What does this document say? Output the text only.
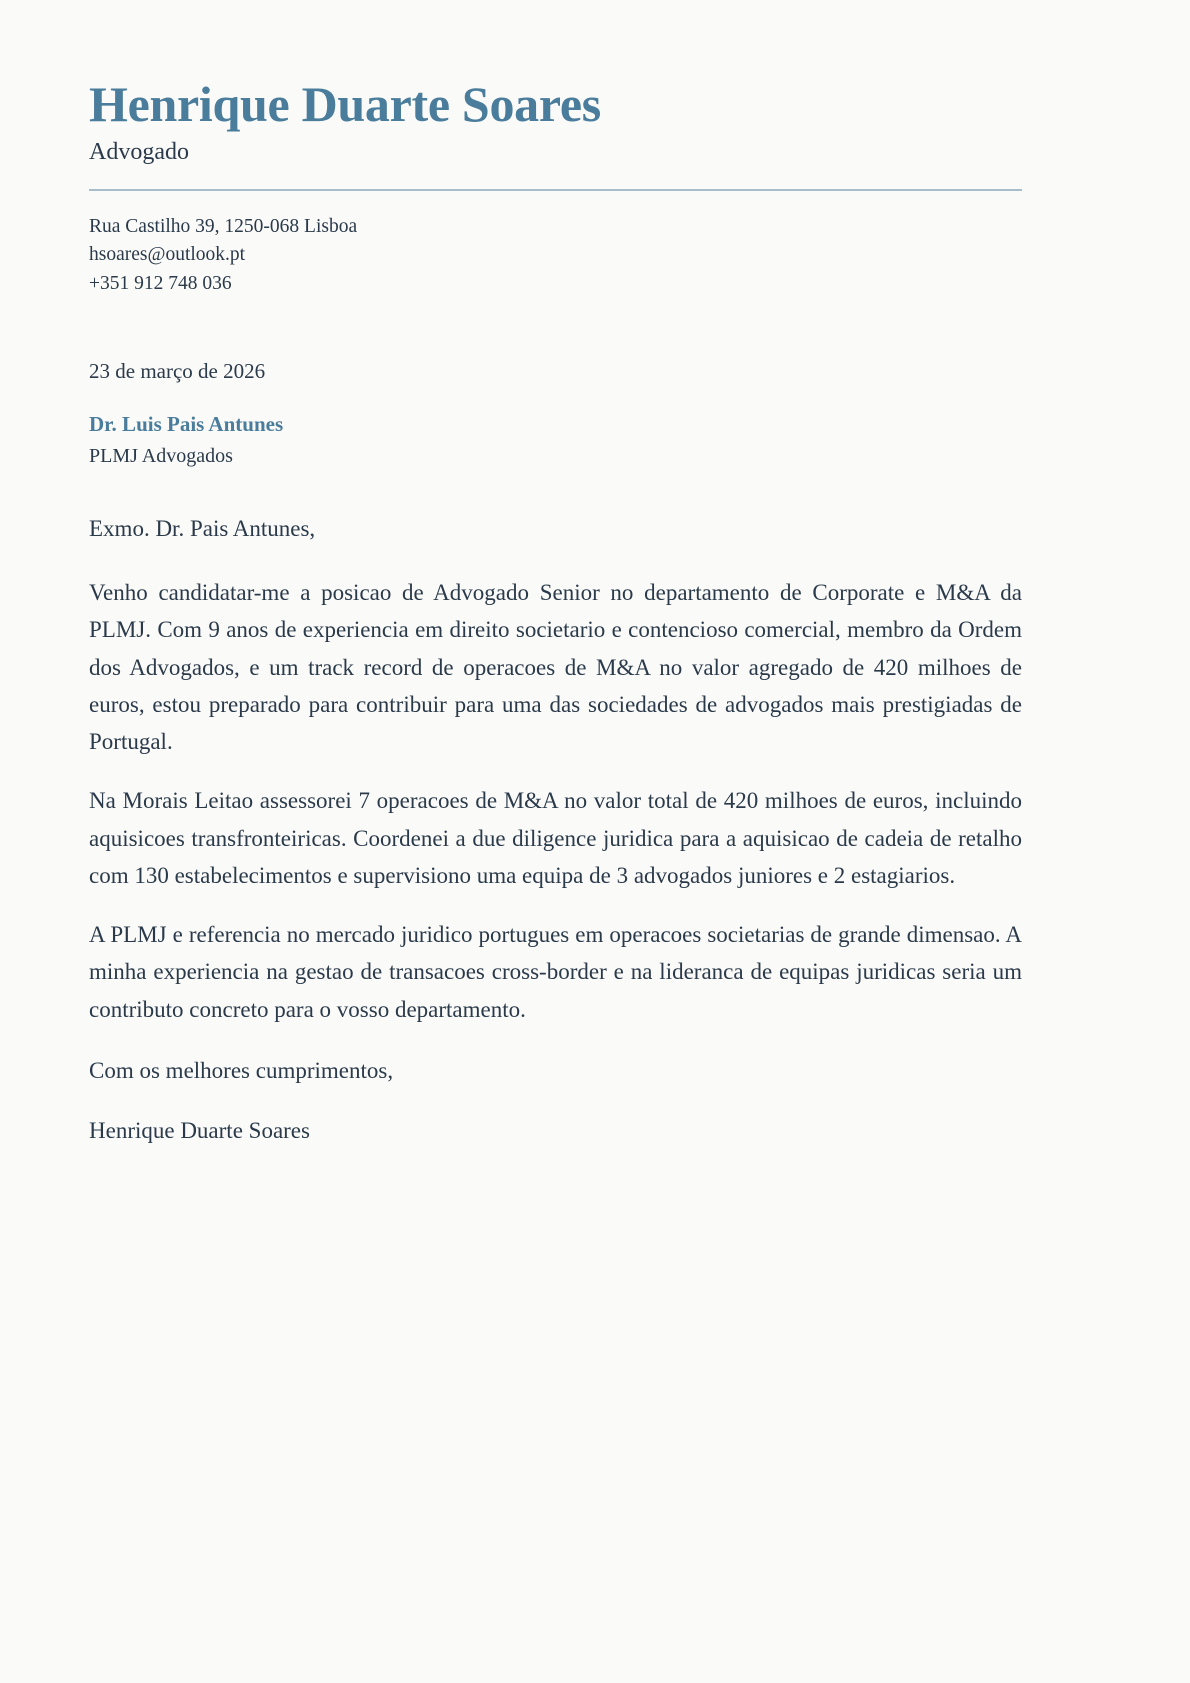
Henrique Duarte Soares
Advogado
Rua Castilho 39, 1250-068 Lisboa
hsoares@outlook.pt
+351 912 748 036
23 de março de 2026
Dr. Luis Pais Antunes
PLMJ Advogados
Exmo. Dr. Pais Antunes,

Venho candidatar-me a posicao de Advogado Senior no departamento de Corporate e M&A da PLMJ. Com 9 anos de experiencia em direito societario e contencioso comercial, membro da Ordem dos Advogados, e um track record de operacoes de M&A no valor agregado de 420 milhoes de euros, estou preparado para contribuir para uma das sociedades de advogados mais prestigiadas de Portugal.

Na Morais Leitao assessorei 7 operacoes de M&A no valor total de 420 milhoes de euros, incluindo aquisicoes transfronteiricas. Coordenei a due diligence juridica para a aquisicao de cadeia de retalho com 130 estabelecimentos e supervisiono uma equipa de 3 advogados juniores e 2 estagiarios.

A PLMJ e referencia no mercado juridico portugues em operacoes societarias de grande dimensao. A minha experiencia na gestao de transacoes cross-border e na lideranca de equipas juridicas seria um contributo concreto para o vosso departamento.

Com os melhores cumprimentos,
Henrique Duarte Soares
